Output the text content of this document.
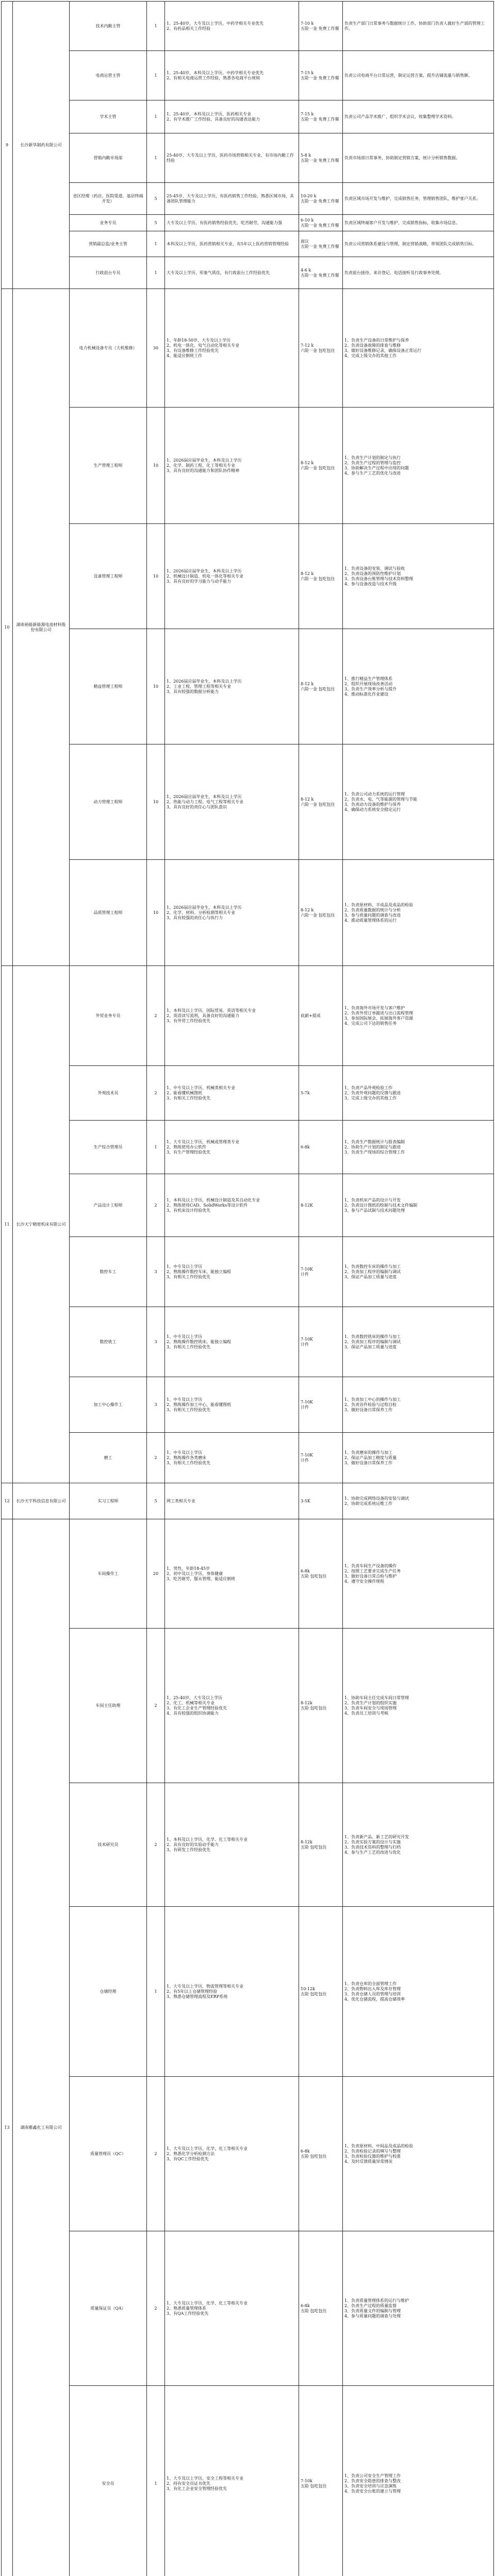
9	长沙新华制药有限公司	技术内勤主管	1	1、25-40岁，大专及以上学历，中药学相关专业优先
2、有药品相关工作经验	7-10 k
五险一金 免费工作餐	负责生产部门日常事务与数据统计工作，协助部门负责人做好生产部的管理工作。
		电商运营主管	1	1、25-40岁，本科及以上学历，中药学相关专业优先
2、有相关电商运营工作经验，熟悉各电商平台规则	7-15 k
五险一金 免费工作餐	负责公司电商平台日常运营，制定运营方案，提升店铺流量与销售额。
		学术主管	1	1、25-40岁，本科及以上学历，医药相关专业
2、有学术推广工作经验，具备良好的沟通表达能力	7-15 k
五险一金 免费工作餐	负责公司产品学术推广，组织学术会议，收集整理学术资料。
		营销内勤市场部	1	25-40岁，大专及以上学历，医药市场营销相关专业，有市场内勤工作经验	5-8 k
五险一金 免费工作餐	负责市场部日常事务，协助制定营销方案，统计分析销售数据。
		省区经理（药店、医院渠道、基层终端开发）	5	25-45岁，大专及以上学历，有医药销售工作经验，熟悉区域市场，具备团队管理能力	10-20 k
五险一金 免费工作餐	负责区域市场开发与维护，完成销售任务，管理销售团队，维护客户关系。
		业务专员	5	大专及以上学历，有医药销售经验优先，吃苦耐劳，沟通能力强	6-10 k
五险一金 免费工作餐	负责区域终端客户开发与维护，完成销售指标，收集市场信息。
		营销副总监/业务主管	1	本科及以上学历，医药营销相关专业，有5年以上医药营销管理经验	面议
五险一金 免费工作餐	负责公司营销体系建设与管理，制定营销战略，带领团队完成销售目标。
		行政前台专员	1	大专及以上学历，形象气质佳，有行政前台工作经验优先	4-6 k
五险一金 免费工作餐	负责前台接待、来访登记、电话接听及行政事务处理。
10	湖南裕能新能源电池材料股份有限公司	电力机械设备专员（大机维修）	30	1、年龄18-50岁，大专及以上学历
2、机电一体化、电气自动化等相关专业
3、有设备维修工作经验优先
4、能适应倒班工作	7-12 k
六险一金 包吃包住	1、负责生产设备的日常维护与保养
2、负责设备故障的排查与维修
3、做好设备维修记录，确保设备正常运行
4、完成上级交办的其他工作
		生产管理工程师	10	1、2026届应届毕业生，本科及以上学历
2、化学、制药工程、化工等相关专业
3、具有良好的沟通能力和团队协作精神	8-12 k
六险一金 包吃包住	1、负责生产计划的制定与执行
2、负责生产过程的管理与监控
3、协助解决生产过程中出现的问题
4、参与生产工艺的优化与改进
		设备管理工程师	10	1、2026届应届毕业生，本科及以上学历
2、机械设计制造、机电一体化等相关专业
3、具有良好的学习能力与动手能力	8-12 k
六险一金 包吃包住	1、负责设备的安装、调试与验收
2、负责设备的预防性维护计划
3、负责设备台账管理与技术资料整理
4、参与设备改造与技术升级
		精益管理工程师	10	1、2026届应届毕业生，本科及以上学历
2、工业工程、管理工程等相关专业
3、具有较强的数据分析能力	8-12 k
六险一金 包吃包住	1、推行精益生产管理体系
2、组织开展现场改善活动
3、负责生产效率分析与提升
4、推动标准化作业建设
		动力管理工程师	10	1、2026届应届毕业生，本科及以上学历
2、热能与动力工程、电气工程等相关专业
3、具有良好的责任心与团队意识	8-12 k
六险一金 包吃包住	1、负责公司动力系统的运行管理
2、负责水、电、气等能源的管理与节能
3、负责动力设备的维护与保养
4、确保动力系统安全稳定运行
		品质管理工程师	10	1、2026届应届毕业生，本科及以上学历
2、化学、材料、分析检测等相关专业
3、具有较强的责任心与执行力	8-12 k
六险一金 包吃包住	1、负责原材料、半成品及成品的检验
2、负责质量数据的统计与分析
3、参与质量问题的调查与改进
4、推动质量管理体系的运行
11	长沙天宁精密机床有限公司	外贸业务专员	2	1、本科及以上学历，国际贸易、英语等相关专业
2、英语读写流利，具备良好的沟通能力
3、有外贸工作经验优先	底薪+提成	1、负责海外市场开发与客户维护
2、负责外贸订单跟进与出口流程管理
3、参加国际展会，拓展海外客户资源
4、完成公司下达的销售任务
		外观技术员	2	1、中专及以上学历，机械类相关专业
2、能看懂机械图纸
3、有相关工作经验优先	5-7k	1、负责产品外观检验工作
2、负责外观问题的反馈与跟进
3、完成上级交办的其他工作
		生产综合管理员	1	1、大专及以上学历，机械或管理类专业
2、熟练使用办公软件
3、有生产管理经验优先	6-8k	1、负责生产数据统计与报表编制
2、协助生产计划的制定与跟进
3、负责生产现场的综合管理工作
		产品设计工程师	2	1、本科及以上学历，机械设计制造及其自动化专业
2、熟练使用CAD、SolidWorks等设计软件
3、有机床设计经验优先	8-12K	1、负责机床产品的设计与开发
2、负责设计图纸的绘制与技术文件编制
3、参与产品试制与技术问题处理
		数控车工	3	1、中专及以上学历
2、熟练操作数控车床，能独立编程
3、有相关工作经验优先	7-10K
计件	1、负责数控车床的操作与加工
2、负责加工程序的编制与调试
3、保证产品加工质量与进度
		数控铣工	3	1、中专及以上学历
2、熟练操作数控铣床，能独立编程
3、有相关工作经验优先	7-10K
计件	1、负责数控铣床的操作与加工
2、负责加工程序的编制与调试
3、保证产品加工质量与进度
		加工中心操作工	3	1、中专及以上学历
2、熟练操作加工中心，能看懂图纸
3、有相关工作经验优先	7-10K
计件	1、负责加工中心的操作与加工
2、负责首件检验与过程自检
3、做好设备日常保养工作
		磨工	2	1、中专及以上学历
2、熟练操作各类磨床
3、有相关工作经验优先	7-10K
计件	1、负责磨床的操作与加工
2、保证产品加工精度与质量
3、做好设备日常保养工作
12	长沙天宇科技信息有限公司	实习工程师	5	网工类相关专业	3-5K	1、协助完成网络设备的安装与调试
2、协助完成系统运维工作
13	湖南雅鑫化工有限公司	车间操作工	20	1、男性，年龄18-45岁
2、初中及以上学历，身体健康
3、吃苦耐劳，服从管理，能适应倒班	6-8k
五险 包吃包住	1、负责车间生产设备的操作
2、按照工艺要求完成生产任务
3、做好设备日常点检与维护
4、遵守安全操作规程
		车间主任助理	2	1、25-40岁，大专及以上学历
2、化工、机械等相关专业
3、有化工企业生产管理经验优先
4、具有较强的组织协调能力	8-12k
五险 包吃包住	1、协助车间主任完成车间日常管理
2、负责生产计划的组织实施
3、负责车间安全与现场管理
4、负责员工培训与考核
		技术研究员	2	1、本科及以上学历，化学、化工等相关专业
2、具有良好的实验动手能力
3、有研发工作经验优先	8-12k
五险 包吃包住	1、负责新产品、新工艺的研究开发
2、负责实验方案的设计与实施
3、负责技术资料的整理与归档
4、参与生产工艺的改进与优化
		仓储经理	1	1、大专及以上学历，物流管理等相关专业
2、有5年以上仓储管理经验
3、熟悉仓储管理流程及ERP系统	10-12k
五险 包吃包住	1、负责仓库的全面管理工作
2、负责物料出入库及库存管理
3、负责仓储人员的管理与培训
4、优化仓储流程，提高仓储效率
		质量管理员（QC）	2	1、大专及以上学历，化学、化工等相关专业
2、熟悉化学分析检测方法
3、有QC工作经验优先	6-8k
五险 包吃包住	1、负责原材料、中间品及成品的检验
2、负责检验记录的填写与整理
3、负责检验仪器的维护与校准
4、及时反馈质量异常情况
		质量保证员（QA）	2	1、大专及以上学历，化学、化工等相关专业
2、熟悉质量管理体系
3、有QA工作经验优先	6-8k
五险 包吃包住	1、负责质量管理体系的运行与维护
2、负责生产过程的质量监督
3、负责质量文件的编制与管理
4、参与质量问题的调查与处理
		安全员	1	1、大专及以上学历，安全工程等相关专业
2、持有安全员证书优先
3、有化工企业安全管理经验优先	7-10k
五险 包吃包住	1、负责公司安全生产管理工作
2、负责安全隐患的排查与整改
3、负责安全培训与应急演练
4、负责安全台账的建立与管理
